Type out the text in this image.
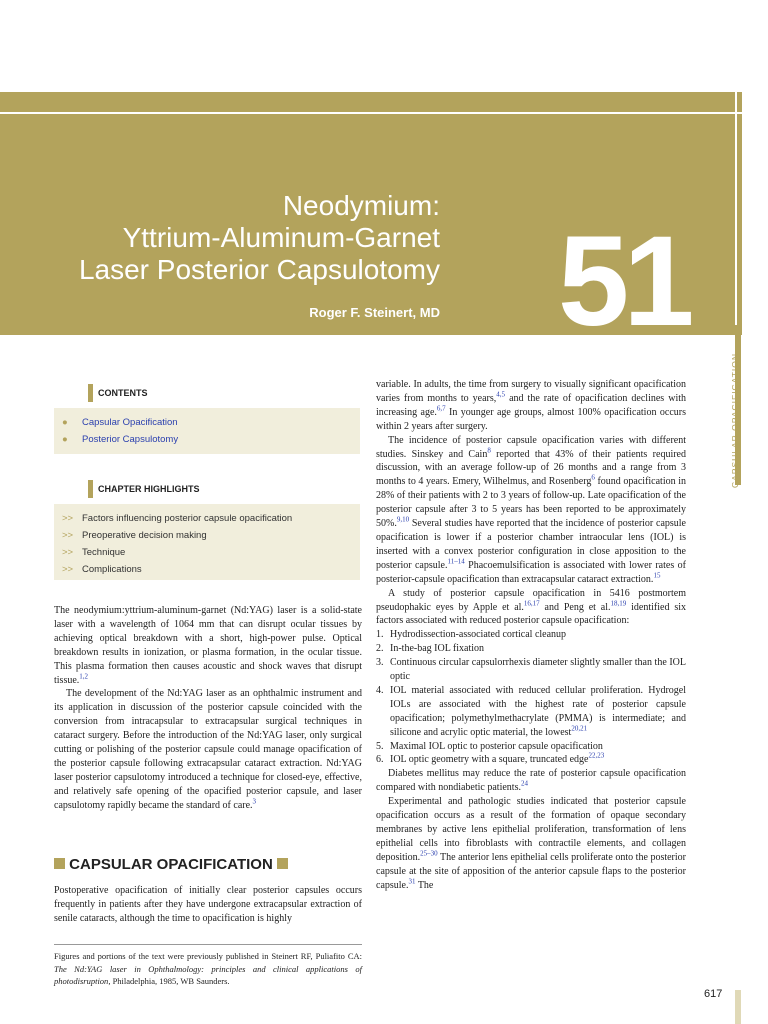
Neodymium:
Yttrium-Aluminum-Garnet
Laser Posterior Capsulotomy
Roger F. Steinert, MD 51
CAPSULAR OPACIFICATION
CONTENTS
● Capsular Opacification
● Posterior Capsulotomy
CHAPTER HIGHLIGHTS
>> Factors influencing posterior capsule opacification
>> Preoperative decision making
>> Technique
>> Complications

The neodymium:yttrium-aluminum-garnet (Nd:YAG) laser is a solid-state laser with a wavelength of 1064 mm that can disrupt ocular tissues by achieving optical breakdown with a short, high-power pulse. Optical breakdown results in ionization, or plasma formation, in the ocular tissue. This plasma formation then causes acoustic and shock waves that disrupt tissue.$^{1,2}$

The development of the Nd:YAG laser as an ophthalmic instrument and its application in discussion of the posterior capsule coincided with the conversion from intracapsular to extracapsular surgical techniques in cataract surgery. Before the introduction of the Nd:YAG laser, only surgical cutting or polishing of the posterior capsule could manage opacification of the posterior capsule following extracapsular cataract extraction. Nd:YAG laser posterior capsulotomy introduced a technique for closed-eye, effective, and relatively safe opening of the opacified posterior capsule, and laser capsulotomy rapidly became the standard of care.$^3$

CAPSULAR OPACIFICATION
Postoperative opacification of initially clear posterior capsules occurs frequently in patients after they have undergone extracapsular extraction of senile cataracts, although the time to opacification is highly
Figures and portions of the text were previously published in Steinert RF, Puliafito CA: The Nd:YAG laser in Ophthalmology: principles and clinical applications of photodisruption, Philadelphia, 1985, WB Saunders.

variable. In adults, the time from surgery to visually significant opacification varies from months to years,$^{4,5}$ and the rate of opacification declines with increasing age.$^{6,7}$ In younger age groups, almost 100% opacification occurs within 2 years after surgery.

The incidence of posterior capsule opacification varies with different studies. Sinskey and Cain$^8$ reported that 43% of their patients required discussion, with an average follow-up of 26 months and a range from 3 months to 4 years. Emery, Wilhelmus, and Rosenberg$^6$ found opacification in 28% of their patients with 2 to 3 years of follow-up. Late opacification of the posterior capsule after 3 to 5 years has been reported to be approximately 50%.$^{9,10}$ Several studies have reported that the incidence of posterior capsule opacification is lower if a posterior chamber intraocular lens (IOL) is inserted with a convex posterior configuration in close apposition to the posterior capsule.$^{11-14}$ Phacoemulsification is associated with lower rates of posterior-capsule opacification than extracapsular cataract extraction.$^{15}$

A study of posterior capsule opacification in 5416 postmortem pseudophakic eyes by Apple et al.$^{16,17}$ and Peng et al.$^{18,19}$ identified six factors associated with reduced posterior capsule opacification:

1. Hydrodissection-associated cortical cleanup
2. In-the-bag IOL fixation
3. Continuous circular capsulorrhexis diameter slightly smaller than the IOL optic
4. IOL material associated with reduced cellular proliferation. Hydrogel IOLs are associated with the highest rate of posterior capsule opacification; polymethylmethacrylate (PMMA) is intermediate; and silicone and acrylic optic material, the lowest$^{20,21}$
5. Maximal IOL optic to posterior capsule opacification
6. IOL optic geometry with a square, truncated edge$^{22,23}$

Diabetes mellitus may reduce the rate of posterior capsule opacification compared with nondiabetic patients.$^{24}$

Experimental and pathologic studies indicated that posterior capsule opacification occurs as a result of the formation of opaque secondary membranes by active lens epithelial proliferation, transformation of lens epithelial cells into fibroblasts with contractile elements, and collagen deposition.$^{25-30}$ The anterior lens epithelial cells proliferate onto the posterior capsule at the site of apposition of the anterior capsule flaps to the posterior capsule.$^{31}$ The

617
